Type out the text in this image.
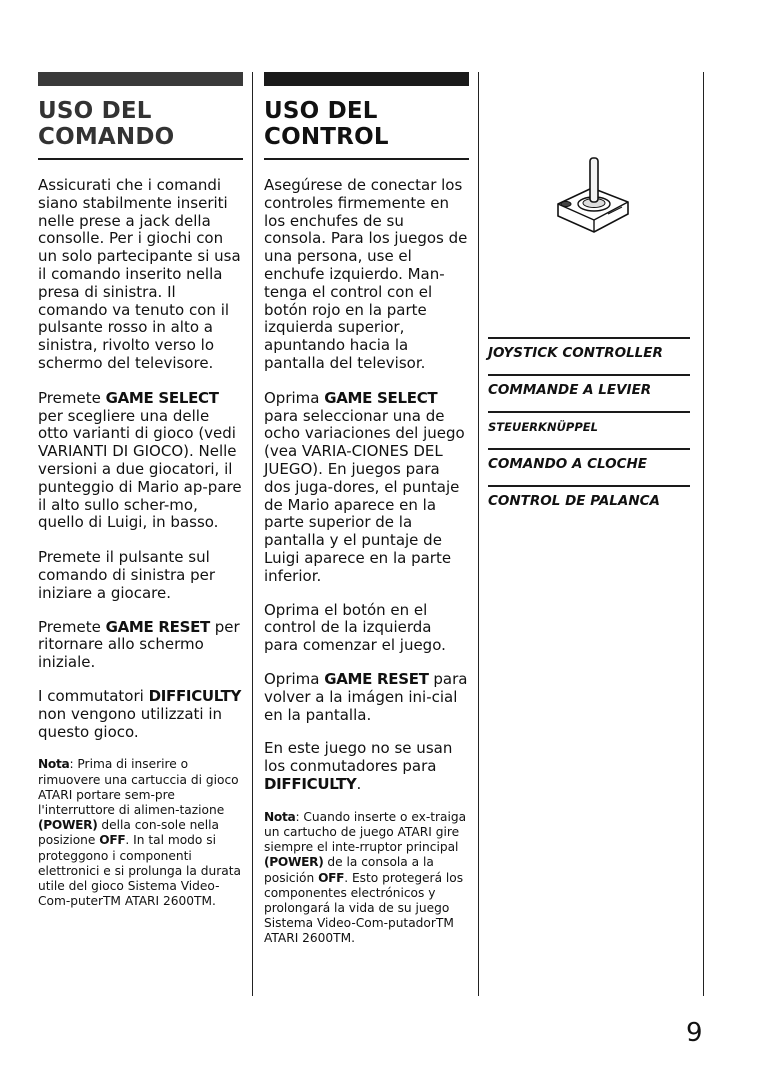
USO DEL
COMANDO

Assicurati che i comandi siano stabilmente inseriti nelle prese a jack della consolle. Per i giochi con un solo partecipante si usa il comando inserito nella presa di sinistra. Il comando va tenuto con il pulsante rosso in alto a sinistra, rivolto verso lo schermo del televisore.

Premete GAME SELECT per scegliere una delle otto varianti di gioco (vedi VARIANTI DI GIOCO). Nelle versioni a due giocatori, il punteggio di Mario ap-pare il alto sullo scher-mo, quello di Luigi, in basso.

Premete il pulsante sul comando di sinistra per iniziare a giocare.

Premete GAME RESET per ritornare allo schermo iniziale.

I commutatori DIFFICULTY non vengono utilizzati in questo gioco.

Nota: Prima di inserire o rimuovere una cartuccia di gioco ATARI portare sem-pre l'interruttore di alimen-tazione (POWER) della con-sole nella posizione OFF. In tal modo si proteggono i componenti elettronici e si prolunga la durata utile del gioco Sistema Video-Com-puterTM ATARI 2600TM.

USO DEL
CONTROL

Asegúrese de conectar los controles firmemente en los enchufes de su consola. Para los juegos de una persona, use el enchufe izquierdo. Man-tenga el control con el botón rojo en la parte izquierda superior, apuntando hacia la pantalla del televisor.

Oprima GAME SELECT para seleccionar una de ocho variaciones del juego (vea VARIA-CIONES DEL JUEGO). En juegos para dos juga-dores, el puntaje de Mario aparece en la parte superior de la pantalla y el puntaje de Luigi aparece en la parte inferior.

Oprima el botón en el control de la izquierda para comenzar el juego.

Oprima GAME RESET para volver a la imágen ini-cial en la pantalla.

En este juego no se usan los conmutadores para DIFFICULTY.

Nota: Cuando inserte o ex-traiga un cartucho de juego ATARI gire siempre el inte-rruptor principal (POWER) de la consola a la posición OFF. Esto protegerá los componentes electrónicos y prolongará la vida de su juego Sistema Video-Com-putadorTM ATARI 2600TM.

JOYSTICK CONTROLLER
COMMANDE A LEVIER
STEUERKNÜPPEL
COMANDO A CLOCHE
CONTROL DE PALANCA
9
